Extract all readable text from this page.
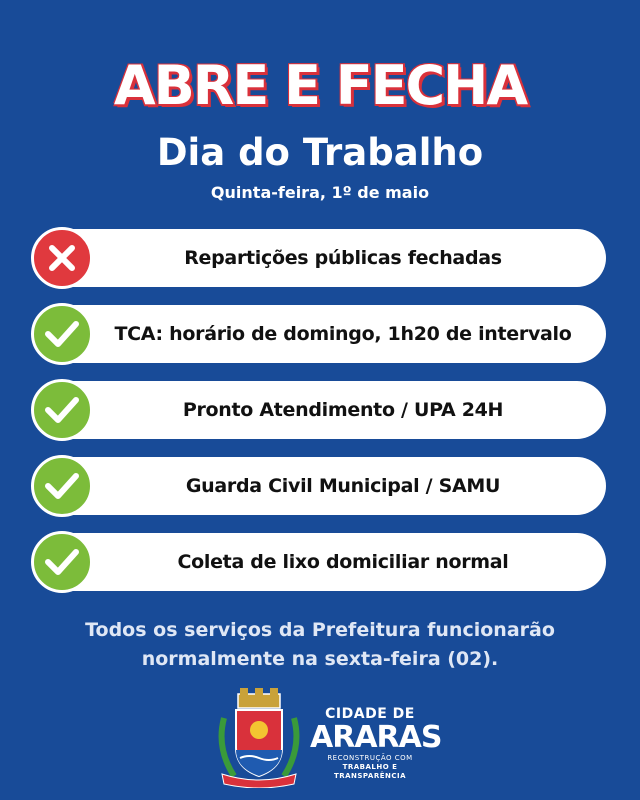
ABRE E FECHA
Dia do Trabalho
Quinta-feira, 1º de maio
Repartições públicas fechadas
TCA: horário de domingo, 1h20 de intervalo
Pronto Atendimento / UPA 24H
Guarda Civil Municipal / SAMU
Coleta de lixo domiciliar normal
Todos os serviços da Prefeitura funcionarão
normalmente na sexta-feira (02).
CIDADE DE
ARARAS
RECONSTRUÇÃO COM
TRABALHO E TRANSPARÊNCIA
